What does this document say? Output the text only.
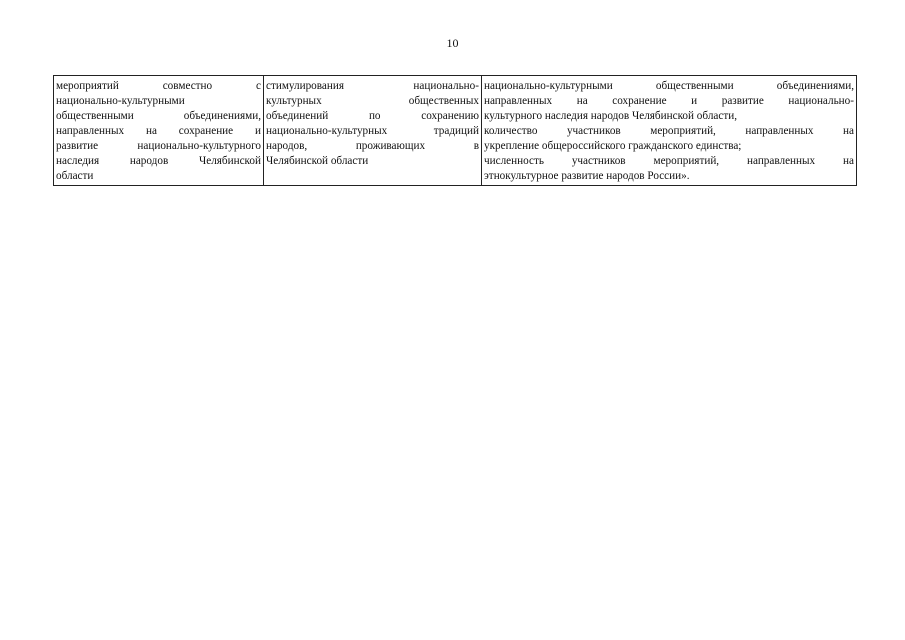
10
мероприятий совместно с
национально-культурными
общественными объединениями,
направленных на сохранение и
развитие национально-культурного
наследия народов Челябинской
области

стимулирования национально-
культурных общественных
объединений по сохранению
национально-культурных традиций
народов, проживающих в
Челябинской области

национально-культурными общественными объединениями,
направленных на сохранение и развитие национально-
культурного наследия народов Челябинской области,
количество участников мероприятий, направленных на
укрепление общероссийского гражданского единства;
численность участников мероприятий, направленных на
этнокультурное развитие народов России».
